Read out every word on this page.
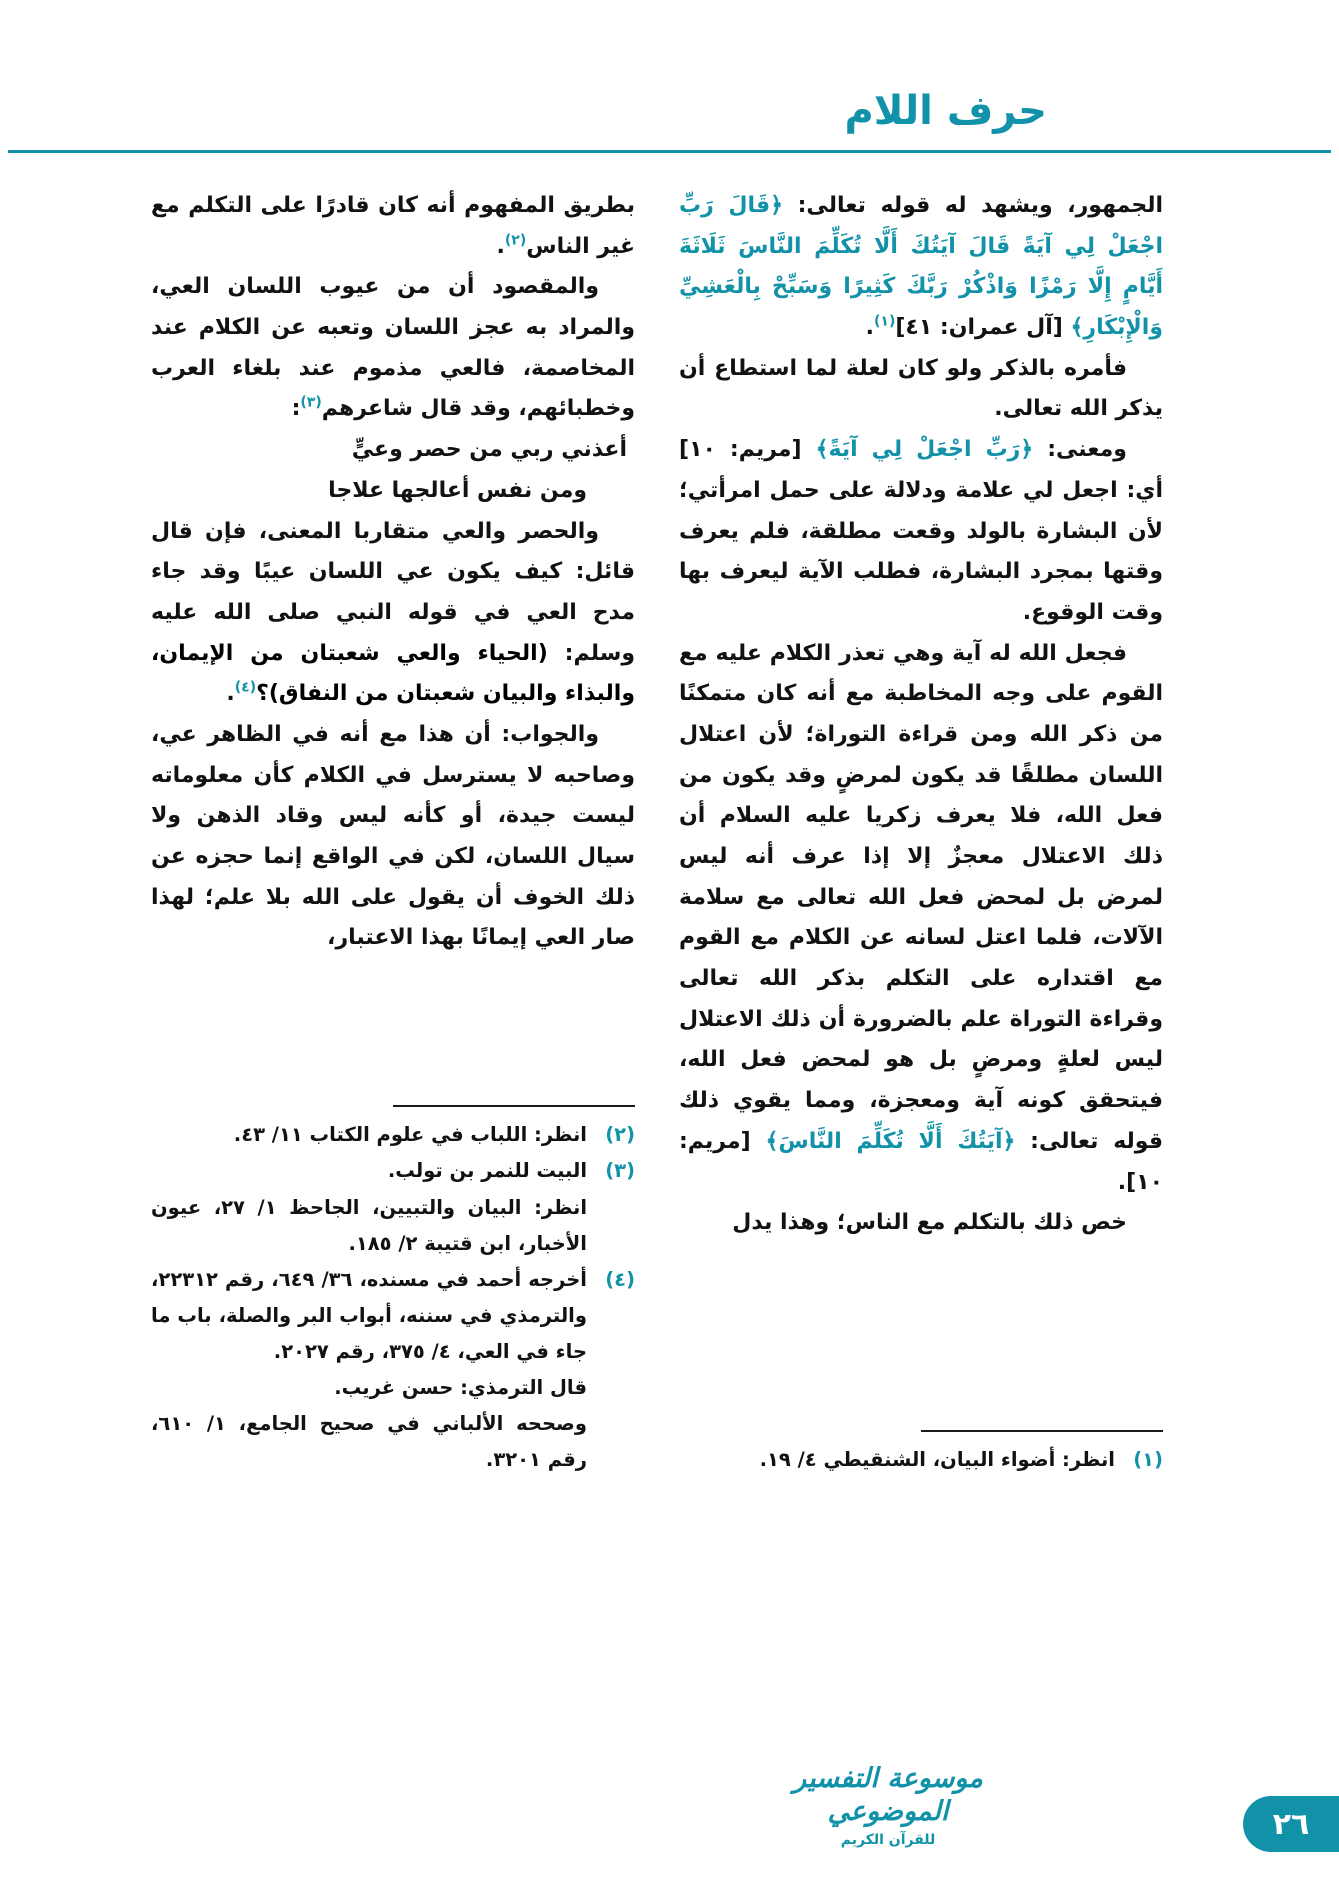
حرف اللام

الجمهور، ويشهد له قوله تعالى: ﴿قَالَ رَبِّ اجْعَلْ لِي آيَةً قَالَ آيَتُكَ أَلَّا تُكَلِّمَ النَّاسَ ثَلَاثَةَ أَيَّامٍ إِلَّا رَمْزًا وَاذْكُرْ رَبَّكَ كَثِيرًا وَسَبِّحْ بِالْعَشِيِّ وَالْإِبْكَارِ﴾ [آل عمران: ٤١]$^{(١)}$.

فأمره بالذكر ولو كان لعلة لما استطاع أن يذكر الله تعالى.

ومعنى: ﴿رَبِّ اجْعَلْ لِي آيَةً﴾ [مريم: ١٠] أي: اجعل لي علامة ودلالة على حمل امرأتي؛ لأن البشارة بالولد وقعت مطلقة، فلم يعرف وقتها بمجرد البشارة، فطلب الآية ليعرف بها وقت الوقوع.

فجعل الله له آية وهي تعذر الكلام عليه مع القوم على وجه المخاطبة مع أنه كان متمكنًا من ذكر الله ومن قراءة التوراة؛ لأن اعتلال اللسان مطلقًا قد يكون لمرضٍ وقد يكون من فعل الله، فلا يعرف زكريا عليه السلام أن ذلك الاعتلال معجزٌ إلا إذا عرف أنه ليس لمرض بل لمحض فعل الله تعالى مع سلامة الآلات، فلما اعتل لسانه عن الكلام مع القوم مع اقتداره على التكلم بذكر الله تعالى وقراءة التوراة علم بالضرورة أن ذلك الاعتلال ليس لعلةٍ ومرضٍ بل هو لمحض فعل الله، فيتحقق كونه آية ومعجزة، ومما يقوي ذلك قوله تعالى: ﴿آيَتُكَ أَلَّا تُكَلِّمَ النَّاسَ﴾ [مريم: ١٠].

خص ذلك بالتكلم مع الناس؛ وهذا يدل

(١)
انظر: أضواء البيان، الشنقيطي ٤/ ١٩.

بطريق المفهوم أنه كان قادرًا على التكلم مع غير الناس$^{(٢)}$.

والمقصود أن من عيوب اللسان العي، والمراد به عجز اللسان وتعبه عن الكلام عند المخاصمة، فالعي مذموم عند بلغاء العرب وخطبائهم، وقد قال شاعرهم$^{(٣)}$:

أعذني ربي من حصر وعيٍّ

ومن نفس أعالجها علاجا

والحصر والعي متقاربا المعنى، فإن قال قائل: كيف يكون عي اللسان عيبًا وقد جاء مدح العي في قوله النبي صلى الله عليه وسلم: (الحياء والعي شعبتان من الإيمان، والبذاء والبيان شعبتان من النفاق)؟$^{(٤)}$.

والجواب: أن هذا مع أنه في الظاهر عي، وصاحبه لا يسترسل في الكلام كأن معلوماته ليست جيدة، أو كأنه ليس وقاد الذهن ولا سيال اللسان، لكن في الواقع إنما حجزه عن ذلك الخوف أن يقول على الله بلا علم؛ لهذا صار العي إيمانًا بهذا الاعتبار،

(٢)
انظر: اللباب في علوم الكتاب ١١/ ٤٣.
(٣)
البيت للنمر بن تولب.
انظر: البيان والتبيين، الجاحظ ١/ ٢٧، عيون الأخبار، ابن قتيبة ٢/ ١٨٥.
(٤)
أخرجه أحمد في مسنده، ٣٦/ ٦٤٩، رقم ٢٢٣١٢، والترمذي في سننه، أبواب البر والصلة، باب ما جاء في العي، ٤/ ٣٧٥، رقم ٢٠٢٧.
قال الترمذي: حسن غريب.
وصححه الألباني في صحيح الجامع، ١/ ٦١٠، رقم ٣٢٠١.
موسوعة التفسير الموضوعي
للقرآن الكريم	٢٦
